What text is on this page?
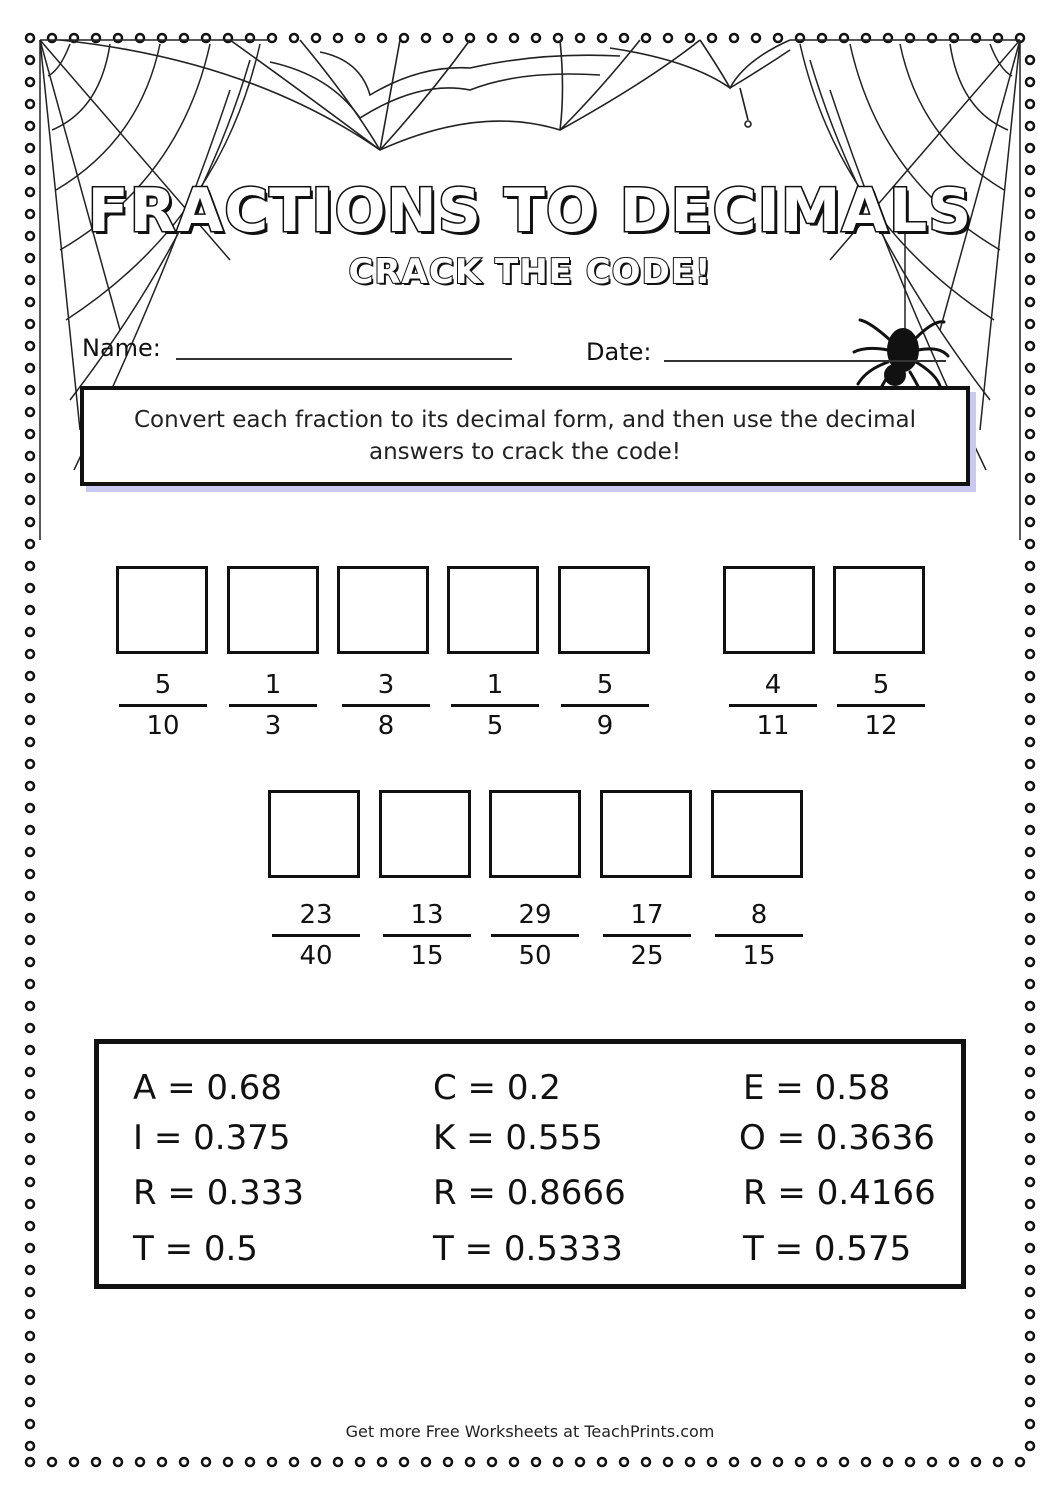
FRACTIONS TO DECIMALS
CRACK THE CODE!
Name:	Date:
Convert each fraction to its decimal form, and then use the decimal answers to crack the code!
5
10
1
3
3
8
1
5
5
9
4
11
5
12
23
40
13
15
29
50
17
25
8
15
A = 0.68	C = 0.2	E = 0.58
I = 0.375	K = 0.555	O = 0.3636
R = 0.333	R = 0.8666	R = 0.4166
T = 0.5	T = 0.5333	T = 0.575
Get more Free Worksheets at TeachPrints.com
